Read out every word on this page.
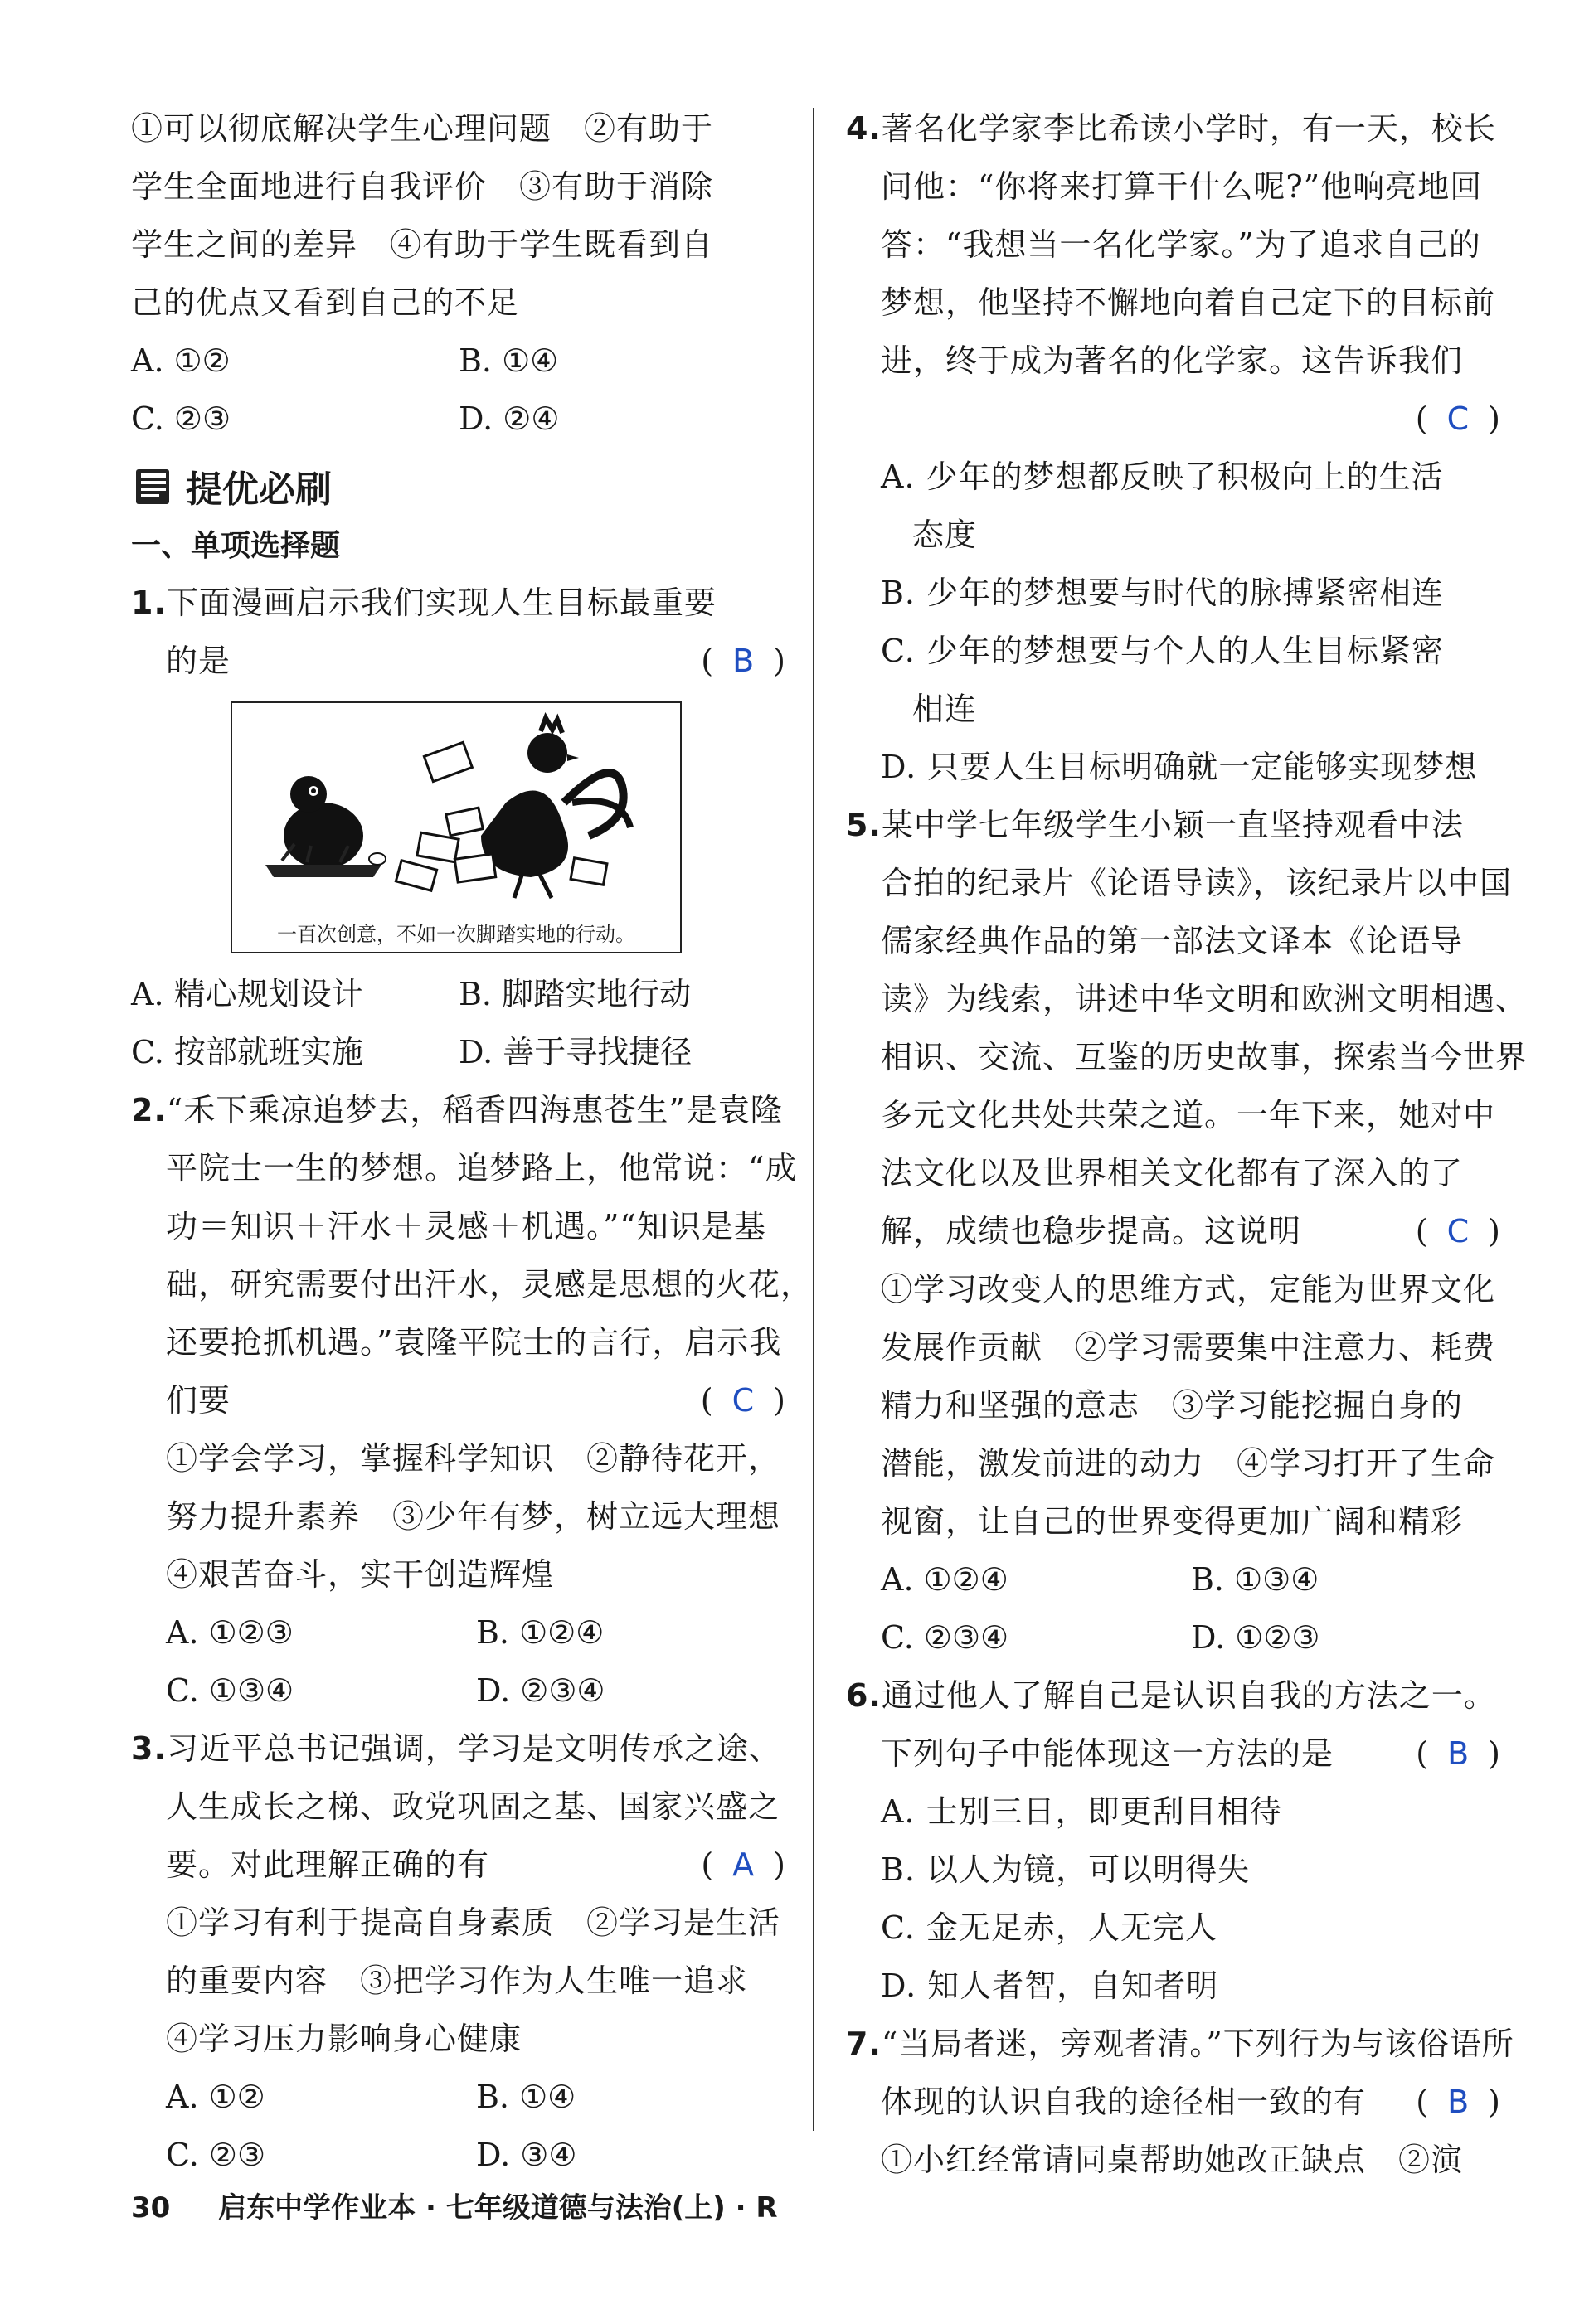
①可以彻底解决学生心理问题　②有助于
学生全面地进行自我评价　③有助于消除
学生之间的差异　④有助于学生既看到自
己的优点又看到自己的不足
A. ①②	B. ①④
C. ②③	D. ②④
提优必刷
一、单项选择题
1.下面漫画启示我们实现人生目标最重要
的是	( B )
一百次创意，不如一次脚踏实地的行动。
A. 精心规划设计	B. 脚踏实地行动
C. 按部就班实施	D. 善于寻找捷径
2.“禾下乘凉追梦去，稻香四海惠苍生”是袁隆
平院士一生的梦想。追梦路上，他常说：“成
功＝知识＋汗水＋灵感＋机遇。”“知识是基
础，研究需要付出汗水，灵感是思想的火花，
还要抢抓机遇。”袁隆平院士的言行，启示我
们要	( C )
①学会学习，掌握科学知识　②静待花开，
努力提升素养　③少年有梦，树立远大理想
④艰苦奋斗，实干创造辉煌
A. ①②③	B. ①②④
C. ①③④	D. ②③④
3.习近平总书记强调，学习是文明传承之途、
人生成长之梯、政党巩固之基、国家兴盛之
要。对此理解正确的有	( A )
①学习有利于提高自身素质　②学习是生活
的重要内容　③把学习作为人生唯一追求
④学习压力影响身心健康
A. ①②	B. ①④
C. ②③	D. ③④
4.著名化学家李比希读小学时，有一天，校长
问他：“你将来打算干什么呢?”他响亮地回
答：“我想当一名化学家。”为了追求自己的
梦想，他坚持不懈地向着自己定下的目标前
进，终于成为著名的化学家。这告诉我们
( C )
A. 少年的梦想都反映了积极向上的生活
态度
B. 少年的梦想要与时代的脉搏紧密相连
C. 少年的梦想要与个人的人生目标紧密
相连
D. 只要人生目标明确就一定能够实现梦想
5.某中学七年级学生小颖一直坚持观看中法
合拍的纪录片《论语导读》，该纪录片以中国
儒家经典作品的第一部法文译本《论语导
读》为线索，讲述中华文明和欧洲文明相遇、
相识、交流、互鉴的历史故事，探索当今世界
多元文化共处共荣之道。一年下来，她对中
法文化以及世界相关文化都有了深入的了
解，成绩也稳步提高。这说明	( C )
①学习改变人的思维方式，定能为世界文化
发展作贡献　②学习需要集中注意力、耗费
精力和坚强的意志　③学习能挖掘自身的
潜能，激发前进的动力　④学习打开了生命
视窗，让自己的世界变得更加广阔和精彩
A. ①②④	B. ①③④
C. ②③④	D. ①②③
6.通过他人了解自己是认识自我的方法之一。
下列句子中能体现这一方法的是	( B )
A. 士别三日，即更刮目相待
B. 以人为镜，可以明得失
C. 金无足赤，人无完人
D. 知人者智，自知者明
7.“当局者迷，旁观者清。”下列行为与该俗语所
体现的认识自我的途径相一致的有 ( B )
①小红经常请同桌帮助她改正缺点　②演
30 启东中学作业本 · 七年级道德与法治(上) · R
